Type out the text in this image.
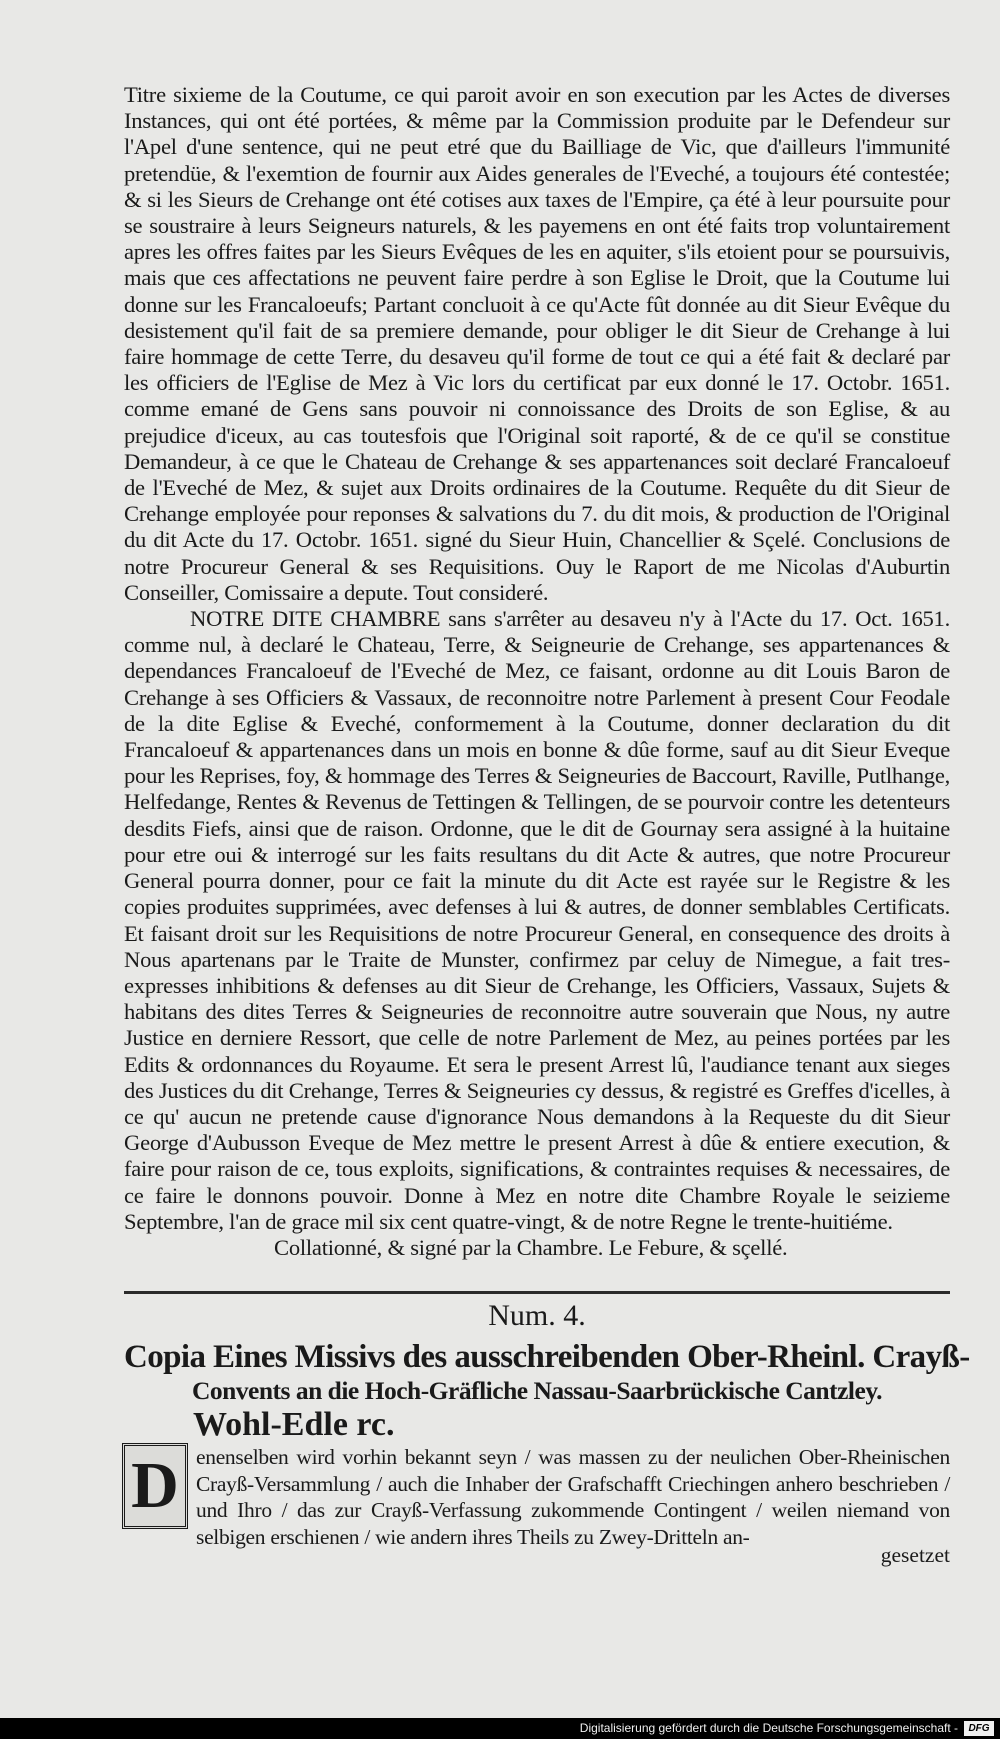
Titre sixieme de la Coutume, ce qui paroit avoir en son execution par les Actes de diverses Instances, qui ont été portées, & même par la Commission produite par le Defendeur sur l'Apel d'une sentence, qui ne peut etré que du Bailliage de Vic, que d'ailleurs l'immunité pretendüe, & l'exemtion de fournir aux Aides generales de l'Eveché, a toujours été contestée; & si les Sieurs de Crehange ont été cotises aux taxes de l'Empire, ça été à leur poursuite pour se soustraire à leurs Seigneurs naturels, & les payemens en ont été faits trop voluntairement apres les offres faites par les Sieurs Evêques de les en aquiter, s'ils etoient pour se poursuivis, mais que ces affectations ne peuvent faire perdre à son Eglise le Droit, que la Coutume lui donne sur les Francaloeufs; Partant concluoit à ce qu'Acte fût donnée au dit Sieur Evêque du desistement qu'il fait de sa premiere demande, pour obliger le dit Sieur de Crehange à lui faire hommage de cette Terre, du desaveu qu'il forme de tout ce qui a été fait & declaré par les officiers de l'Eglise de Mez à Vic lors du certificat par eux donné le 17. Octobr. 1651. comme emané de Gens sans pouvoir ni connoissance des Droits de son Eglise, & au prejudice d'iceux, au cas toutesfois que l'Original soit raporté, & de ce qu'il se constitue Demandeur, à ce que le Chateau de Crehange & ses appartenances soit declaré Francaloeuf de l'Eveché de Mez, & sujet aux Droits ordinaires de la Coutume. Requête du dit Sieur de Crehange employée pour reponses & salvations du 7. du dit mois, & production de l'Original du dit Acte du 17. Octobr. 1651. signé du Sieur Huin, Chancellier & Sçelé. Conclusions de notre Procureur General & ses Requisitions. Ouy le Raport de me Nicolas d'Auburtin Conseiller, Comissaire a depute. Tout consideré.

NOTRE DITE CHAMBRE sans s'arrêter au desaveu n'y à l'Acte du 17. Oct. 1651. comme nul, à declaré le Chateau, Terre, & Seigneurie de Crehange, ses appartenances & dependances Francaloeuf de l'Eveché de Mez, ce faisant, ordonne au dit Louis Baron de Crehange à ses Officiers & Vassaux, de reconnoitre notre Parlement à present Cour Feodale de la dite Eglise & Eveché, conformement à la Coutume, donner declaration du dit Francaloeuf & appartenances dans un mois en bonne & dûe forme, sauf au dit Sieur Eveque pour les Reprises, foy, & hommage des Terres & Seigneuries de Baccourt, Raville, Putlhange, Helfedange, Rentes & Revenus de Tettingen & Tellingen, de se pourvoir contre les detenteurs desdits Fiefs, ainsi que de raison. Ordonne, que le dit de Gournay sera assigné à la huitaine pour etre oui & interrogé sur les faits resultans du dit Acte & autres, que notre Procureur General pourra donner, pour ce fait la minute du dit Acte est rayée sur le Registre & les copies produites supprimées, avec defenses à lui & autres, de donner semblables Certificats. Et faisant droit sur les Requisitions de notre Procureur General, en consequence des droits à Nous apartenans par le Traite de Munster, confirmez par celuy de Nimegue, a fait tres-expresses inhibitions & defenses au dit Sieur de Crehange, les Officiers, Vassaux, Sujets & habitans des dites Terres & Seigneuries de reconnoitre autre souverain que Nous, ny autre Justice en derniere Ressort, que celle de notre Parlement de Mez, au peines portées par les Edits & ordonnances du Royaume. Et sera le present Arrest lû, l'audiance tenant aux sieges des Justices du dit Crehange, Terres & Seigneuries cy dessus, & registré es Greffes d'icelles, à ce qu' aucun ne pretende cause d'ignorance Nous demandons à la Requeste du dit Sieur George d'Aubusson Eveque de Mez mettre le present Arrest à dûe & entiere execution, & faire pour raison de ce, tous exploits, significations, & contraintes requises & necessaires, de ce faire le donnons pouvoir. Donne à Mez en notre dite Chambre Royale le seizieme Septembre, l'an de grace mil six cent quatre-vingt, & de notre Regne le trente-huitiéme.

Collationné, & signé par la Chambre. Le Febure, & sçellé.

Num. 4.
Copia Eines Missivs des ausschreibenden Ober-Rheinl. Crayß-
Convents an die Hoch-Gräfliche Nassau-Saarbrückische Cantzley.
Wohl-Edle rc.
D enenselben wird vorhin bekannt seyn / was massen zu der neulichen Ober-Rheinischen Crayß-Versammlung / auch die Inhaber der Grafschafft Criechingen anhero beschrieben / und Ihro / das zur Crayß-Verfassung zukommende Contingent / weilen niemand von selbigen erschienen / wie andern ihres Theils zu Zwey-Dritteln an-

gesetzet
Digitalisierung gefördert durch die Deutsche Forschungsgemeinschaft -	DFG
